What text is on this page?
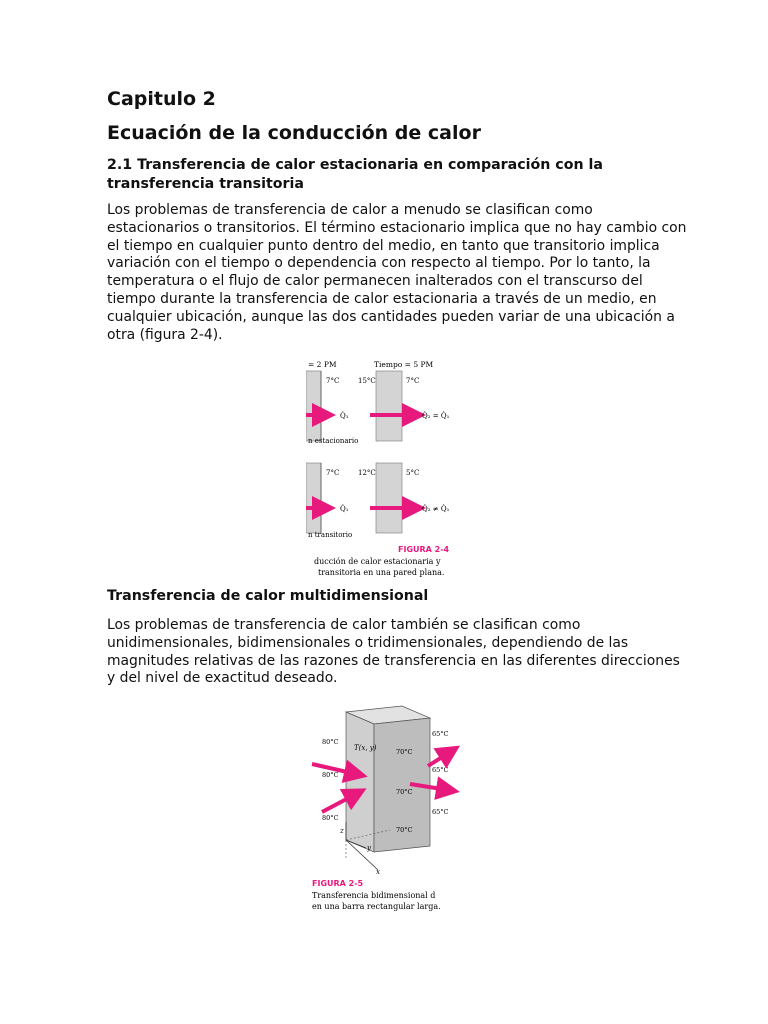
Capitulo 2
Ecuación de la conducción de calor
2.1 Transferencia de calor estacionaria en comparación con la transferencia transitoria

Los problemas de transferencia de calor a menudo se clasifican como estacionarios o transitorios. El término estacionario implica que no hay cambio con el tiempo en cualquier punto dentro del medio, en tanto que transitorio implica variación con el tiempo o dependencia con respecto al tiempo. Por lo tanto, la temperatura o el flujo de calor permanecen inalterados con el transcurso del tiempo durante la transferencia de calor estacionaria a través de un medio, en cualquier ubicación, aunque las dos cantidades pueden variar de una ubicación a otra (figura 2-4).

= 2 PM	Tiempo = 5 PM
7°C
Q̇₁
15°C	7°C
Q̇₂ = Q̇₁
n estacionario
7°C
Q̇₁
12°C	5°C
Q̇₂ ≠ Q̇₁
n transitorio
FIGURA 2-4
ducción de calor estacionaria y
transitoria en una pared plana.
Transferencia de calor multidimensional

Los problemas de transferencia de calor también se clasifican como unidimensionales, bidimensionales o tridimensionales, dependiendo de las magnitudes relativas de las razones de transferencia en las diferentes direcciones y del nivel de exactitud deseado.

z
y
x
T(x, y)
80°C
80°C
80°C
70°C
70°C
70°C
65°C
65°C
65°C
FIGURA 2-5
Transferencia bidimensional d
en una barra rectangular larga.
